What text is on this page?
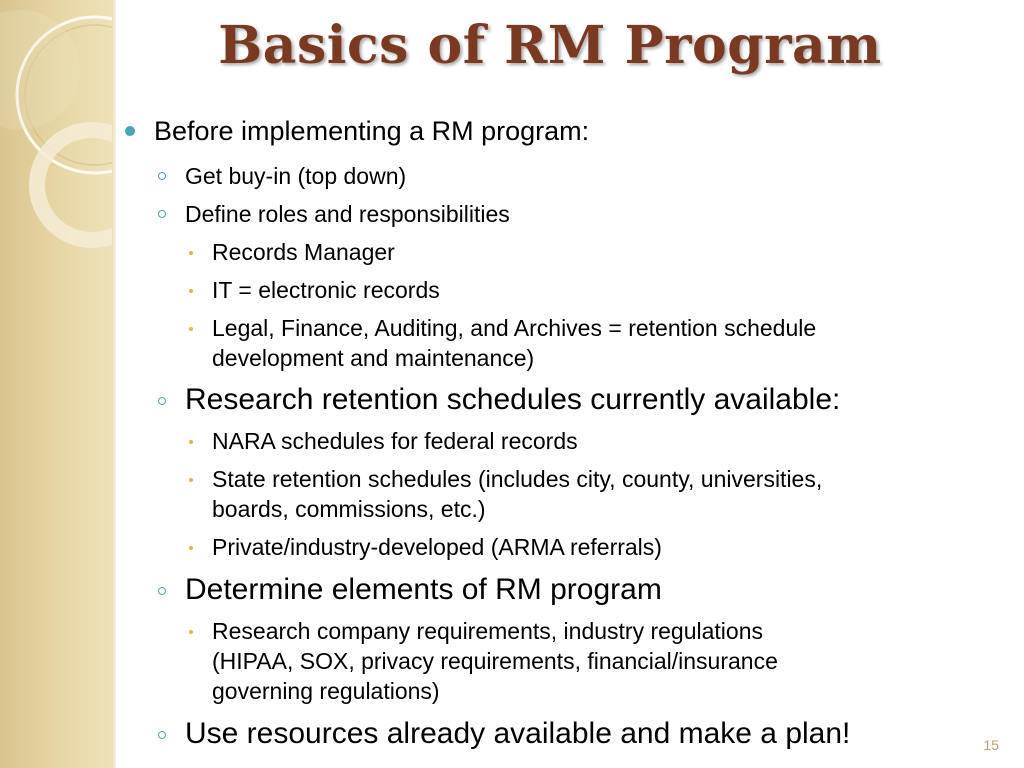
Basics of RM Program

Before implementing a RM program:

Get buy-in (top down)

Define roles and responsibilities

Records Manager

IT = electronic records

Legal, Finance, Auditing, and Archives = retention schedule

development and maintenance)

Research retention schedules currently available:

NARA schedules for federal records

State retention schedules (includes city, county, universities,

boards, commissions, etc.)

Private/industry-developed (ARMA referrals)

Determine elements of RM program

Research company requirements, industry regulations

(HIPAA, SOX, privacy requirements, financial/insurance

governing regulations)

Use resources already available and make a plan!	15
